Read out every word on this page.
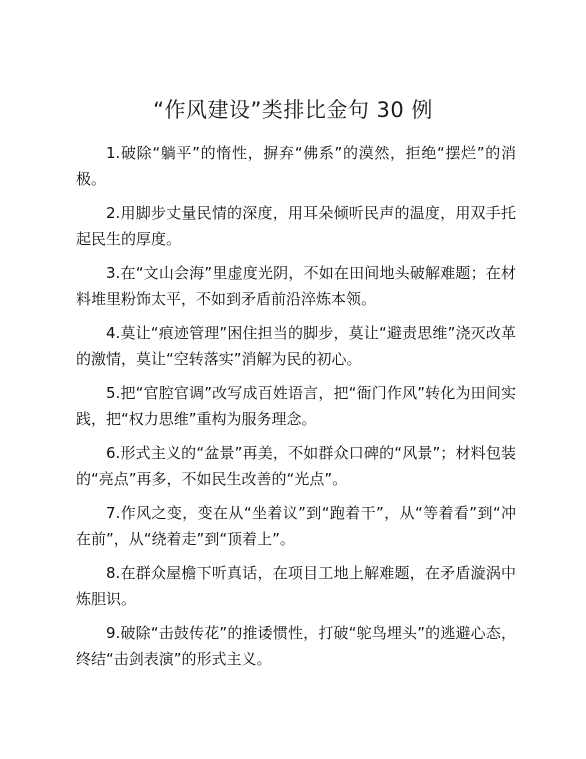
“作风建设”类排比金句 30 例

1.破除“躺平”的惰性，摒弃“佛系”的漠然，拒绝“摆烂”的消极。

2.用脚步丈量民情的深度，用耳朵倾听民声的温度，用双手托起民生的厚度。

3.在“文山会海”里虚度光阴，不如在田间地头破解难题；在材料堆里粉饰太平，不如到矛盾前沿淬炼本领。

4.莫让“痕迹管理”困住担当的脚步，莫让“避责思维”浇灭改革的激情，莫让“空转落实”消解为民的初心。

5.把“官腔官调”改写成百姓语言，把“衙门作风”转化为田间实践，把“权力思维”重构为服务理念。

6.形式主义的“盆景”再美，不如群众口碑的“风景”；材料包装的“亮点”再多，不如民生改善的“光点”。

7.作风之变，变在从“坐着议”到“跑着干”，从“等着看”到“冲在前”，从“绕着走”到“顶着上”。

8.在群众屋檐下听真话，在项目工地上解难题，在矛盾漩涡中炼胆识。

9.破除“击鼓传花”的推诿惯性，打破“鸵鸟埋头”的逃避心态，终结“击剑表演”的形式主义。
